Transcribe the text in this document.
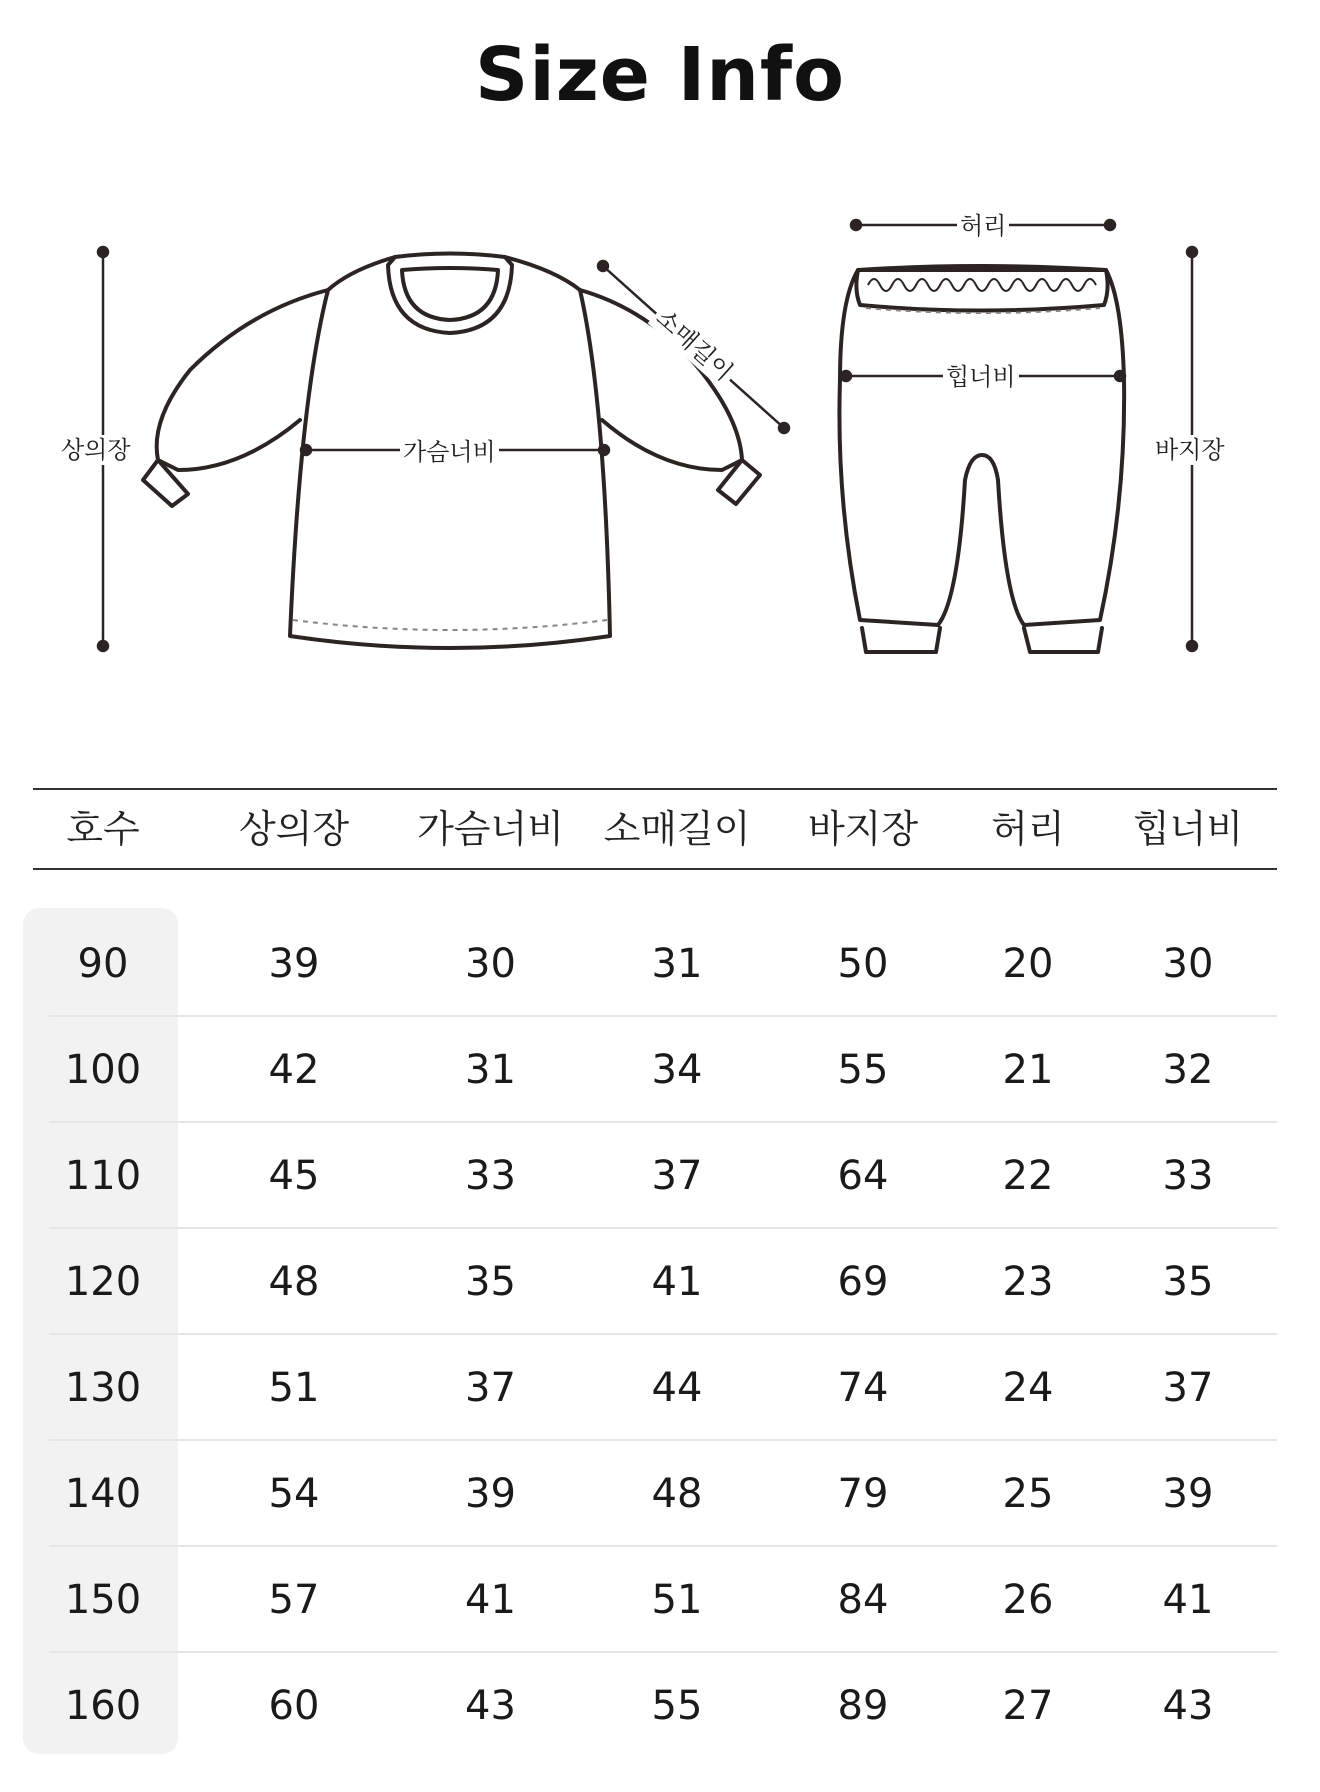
Size Info
상의장	가슴너비
소매길이
허리
힙너비
바지장
호수	상의장	가슴너비	소매길이	바지장	허리	힙너비
90	39	30	31	50	20	30
100	42	31	34	55	21	32
110	45	33	37	64	22	33
120	48	35	41	69	23	35
130	51	37	44	74	24	37
140	54	39	48	79	25	39
150	57	41	51	84	26	41
160	60	43	55	89	27	43
